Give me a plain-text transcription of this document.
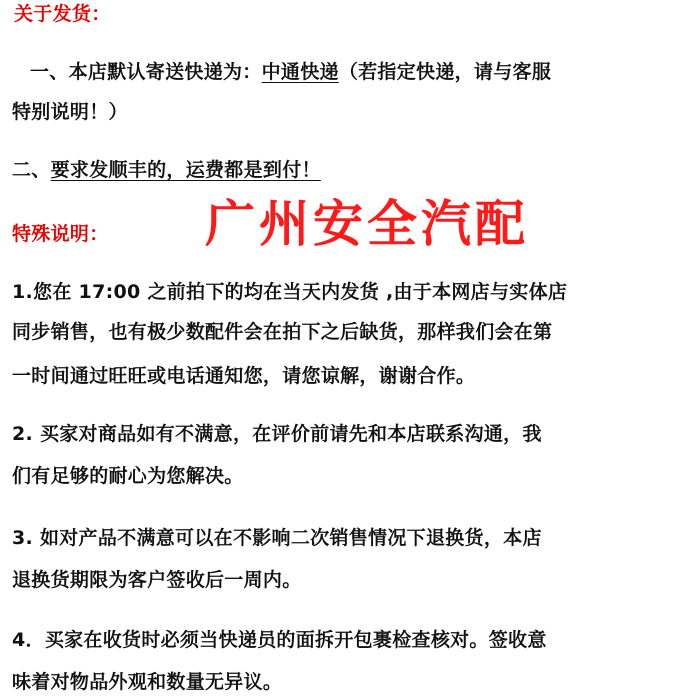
关于发货：
一、本店默认寄送快递为：中通快递（若指定快递，请与客服
特别说明！）
二、要求发顺丰的，运费都是到付！
特殊说明： 广州安全汽配
1.您在 17:00 之前拍下的均在当天内发货 ,由于本网店与实体店
同步销售，也有极少数配件会在拍下之后缺货，那样我们会在第
一时间通过旺旺或电话通知您，请您谅解，谢谢合作。
2. 买家对商品如有不满意，在评价前请先和本店联系沟通，我
们有足够的耐心为您解决。
3. 如对产品不满意可以在不影响二次销售情况下退换货，本店
退换货期限为客户签收后一周内。
4．买家在收货时必须当快递员的面拆开包裹检查核对。签收意
味着对物品外观和数量无异议。
